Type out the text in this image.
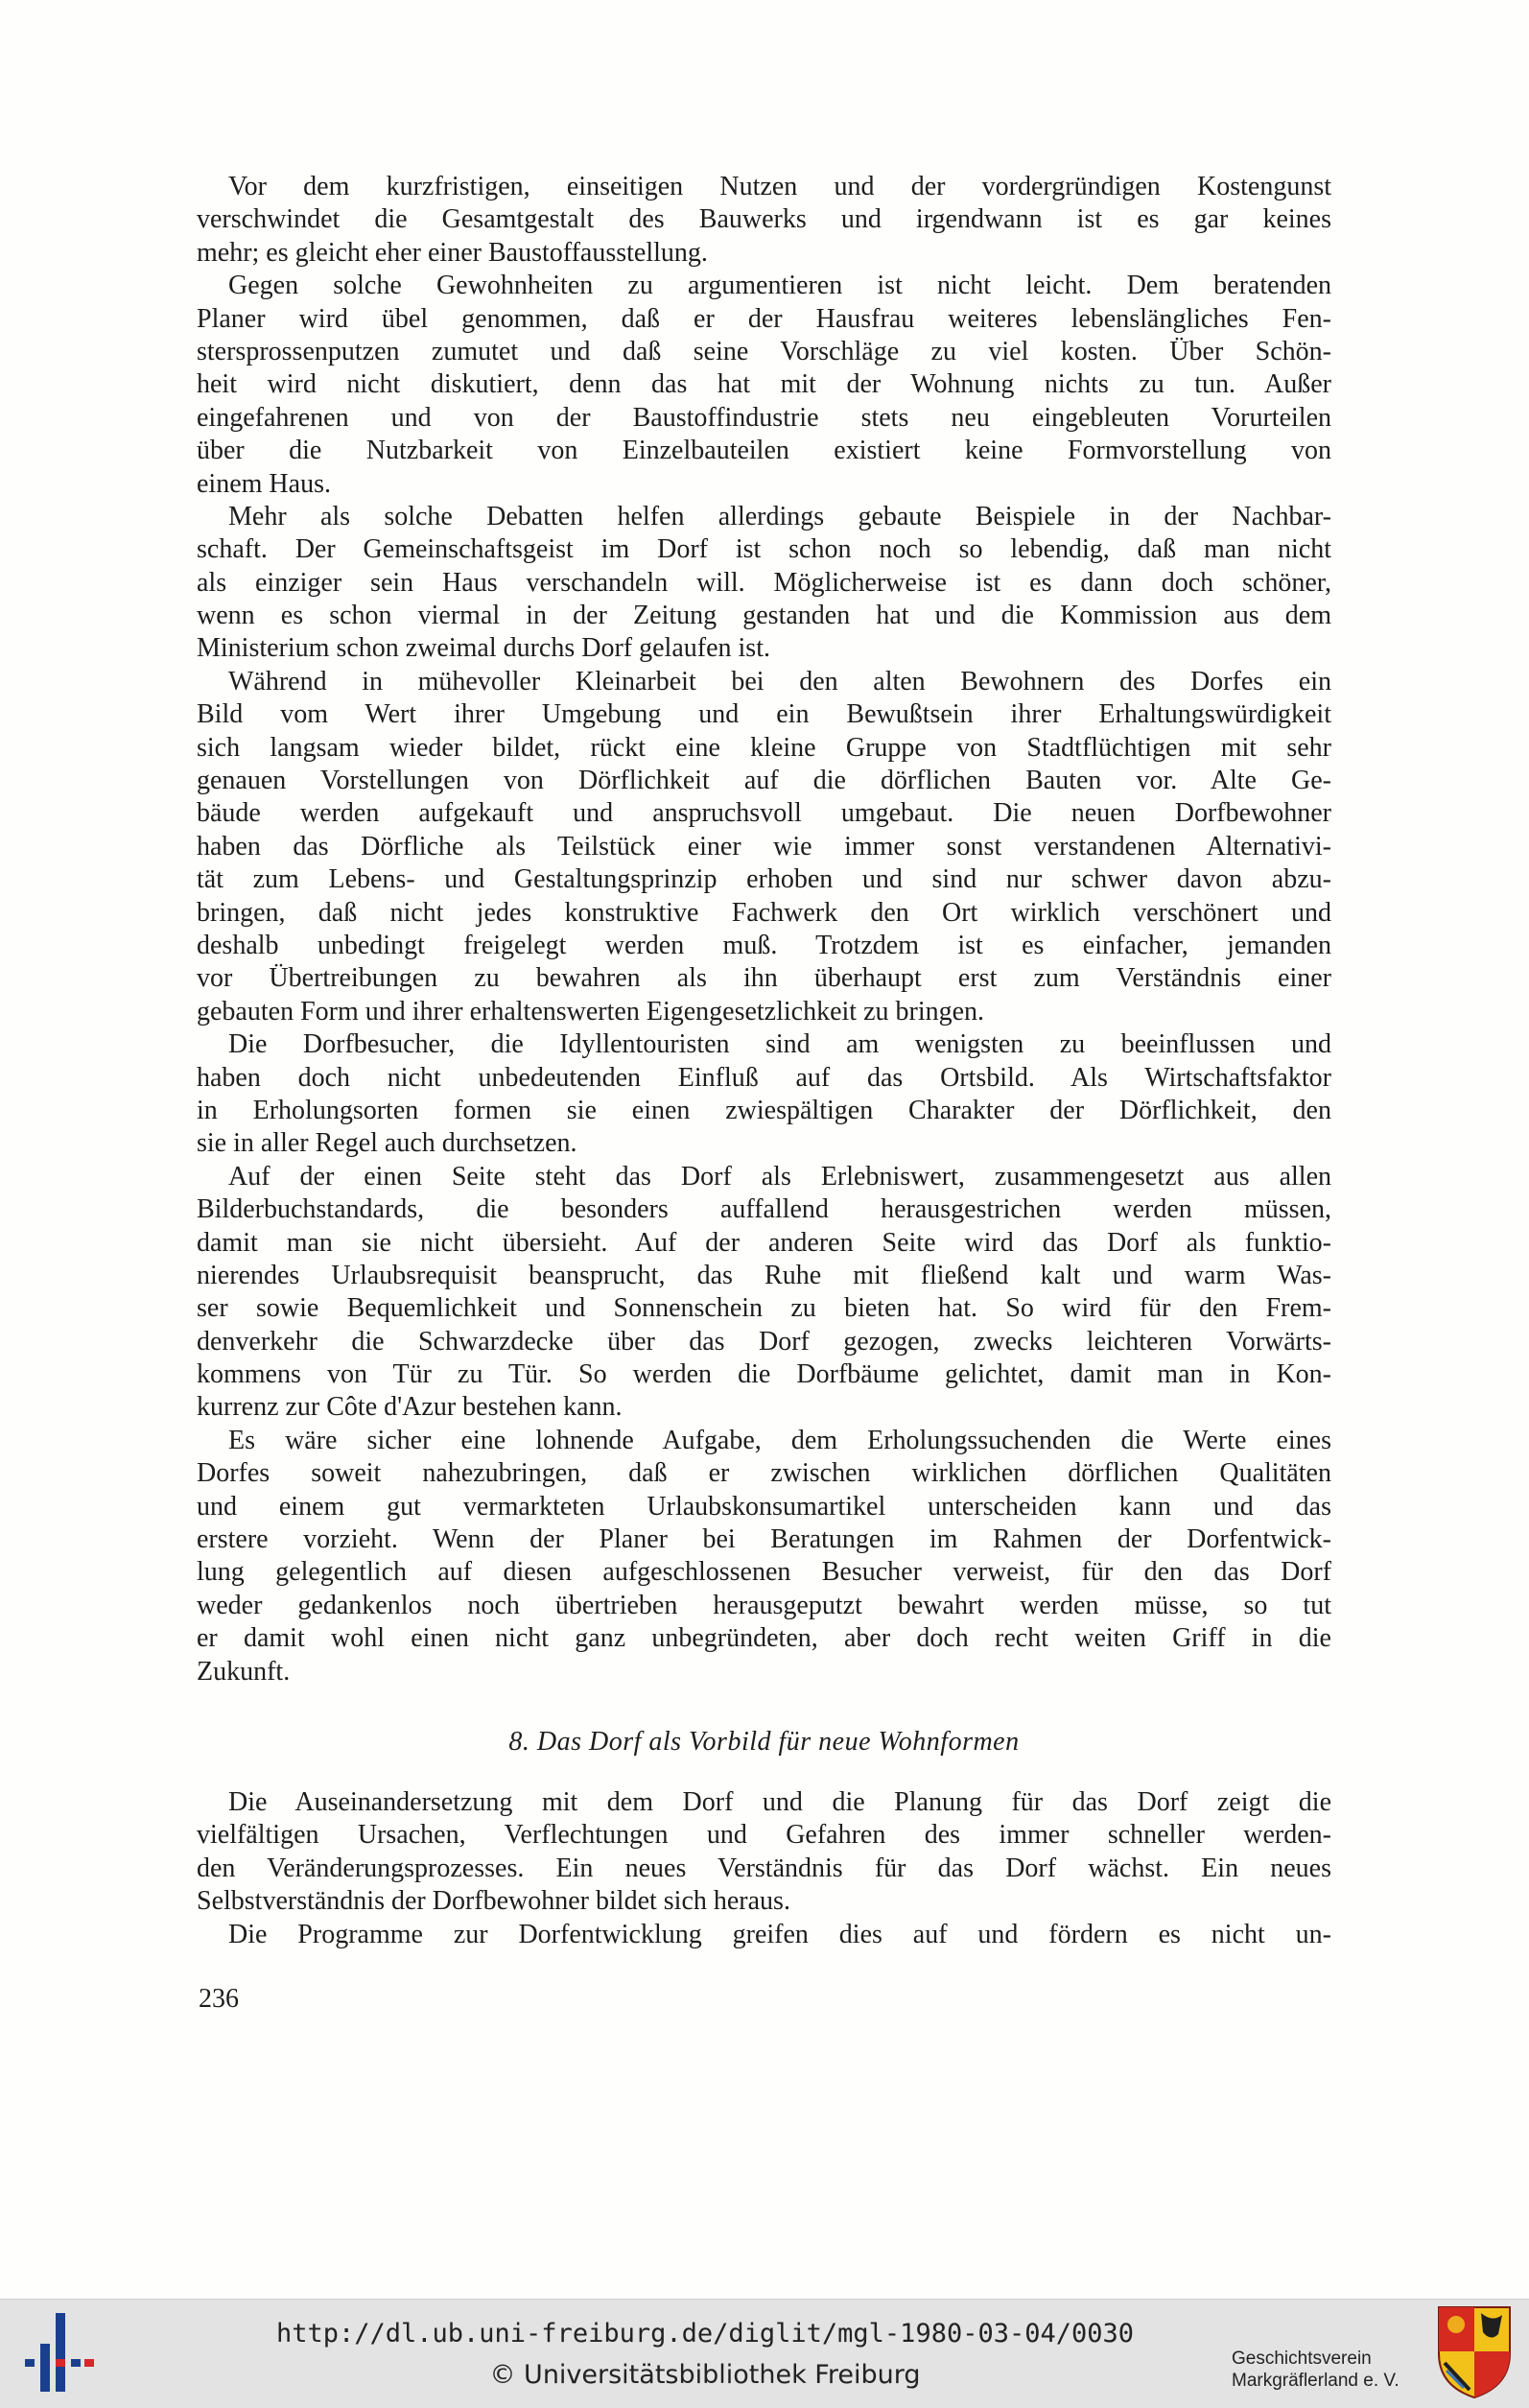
Vor dem kurzfristigen, einseitigen Nutzen und der vordergründigen Kostengunst
verschwindet die Gesamtgestalt des Bauwerks und irgendwann ist es gar keines
mehr; es gleicht eher einer Baustoffausstellung.
Gegen solche Gewohnheiten zu argumentieren ist nicht leicht. Dem beratenden
Planer wird übel genommen, daß er der Hausfrau weiteres lebenslängliches Fen-
stersprossenputzen zumutet und daß seine Vorschläge zu viel kosten. Über Schön-
heit wird nicht diskutiert, denn das hat mit der Wohnung nichts zu tun. Außer
eingefahrenen und von der Baustoffindustrie stets neu eingebleuten Vorurteilen
über die Nutzbarkeit von Einzelbauteilen existiert keine Formvorstellung von
einem Haus.
Mehr als solche Debatten helfen allerdings gebaute Beispiele in der Nachbar-
schaft. Der Gemeinschaftsgeist im Dorf ist schon noch so lebendig, daß man nicht
als einziger sein Haus verschandeln will. Möglicherweise ist es dann doch schöner,
wenn es schon viermal in der Zeitung gestanden hat und die Kommission aus dem
Ministerium schon zweimal durchs Dorf gelaufen ist.
Während in mühevoller Kleinarbeit bei den alten Bewohnern des Dorfes ein
Bild vom Wert ihrer Umgebung und ein Bewußtsein ihrer Erhaltungswürdigkeit
sich langsam wieder bildet, rückt eine kleine Gruppe von Stadtflüchtigen mit sehr
genauen Vorstellungen von Dörflichkeit auf die dörflichen Bauten vor. Alte Ge-
bäude werden aufgekauft und anspruchsvoll umgebaut. Die neuen Dorfbewohner
haben das Dörfliche als Teilstück einer wie immer sonst verstandenen Alternativi-
tät zum Lebens- und Gestaltungsprinzip erhoben und sind nur schwer davon abzu-
bringen, daß nicht jedes konstruktive Fachwerk den Ort wirklich verschönert und
deshalb unbedingt freigelegt werden muß. Trotzdem ist es einfacher, jemanden
vor Übertreibungen zu bewahren als ihn überhaupt erst zum Verständnis einer
gebauten Form und ihrer erhaltenswerten Eigengesetzlichkeit zu bringen.
Die Dorfbesucher, die Idyllentouristen sind am wenigsten zu beeinflussen und
haben doch nicht unbedeutenden Einfluß auf das Ortsbild. Als Wirtschaftsfaktor
in Erholungsorten formen sie einen zwiespältigen Charakter der Dörflichkeit, den
sie in aller Regel auch durchsetzen.
Auf der einen Seite steht das Dorf als Erlebniswert, zusammengesetzt aus allen
Bilderbuchstandards, die besonders auffallend herausgestrichen werden müssen,
damit man sie nicht übersieht. Auf der anderen Seite wird das Dorf als funktio-
nierendes Urlaubsrequisit beansprucht, das Ruhe mit fließend kalt und warm Was-
ser sowie Bequemlichkeit und Sonnenschein zu bieten hat. So wird für den Frem-
denverkehr die Schwarzdecke über das Dorf gezogen, zwecks leichteren Vorwärts-
kommens von Tür zu Tür. So werden die Dorfbäume gelichtet, damit man in Kon-
kurrenz zur Côte d'Azur bestehen kann.
Es wäre sicher eine lohnende Aufgabe, dem Erholungssuchenden die Werte eines
Dorfes soweit nahezubringen, daß er zwischen wirklichen dörflichen Qualitäten
und einem gut vermarkteten Urlaubskonsumartikel unterscheiden kann und das
erstere vorzieht. Wenn der Planer bei Beratungen im Rahmen der Dorfentwick-
lung gelegentlich auf diesen aufgeschlossenen Besucher verweist, für den das Dorf
weder gedankenlos noch übertrieben herausgeputzt bewahrt werden müsse, so tut
er damit wohl einen nicht ganz unbegründeten, aber doch recht weiten Griff in die
Zukunft.
8. Das Dorf als Vorbild für neue Wohnformen
Die Auseinandersetzung mit dem Dorf und die Planung für das Dorf zeigt die
vielfältigen Ursachen, Verflechtungen und Gefahren des immer schneller werden-
den Veränderungsprozesses. Ein neues Verständnis für das Dorf wächst. Ein neues
Selbstverständnis der Dorfbewohner bildet sich heraus.
Die Programme zur Dorfentwicklung greifen dies auf und fördern es nicht un-
236
http://dl.ub.uni-freiburg.de/diglit/mgl-1980-03-04/0030
© Universitätsbibliothek Freiburg
Geschichtsverein
Markgräflerland e. V.
